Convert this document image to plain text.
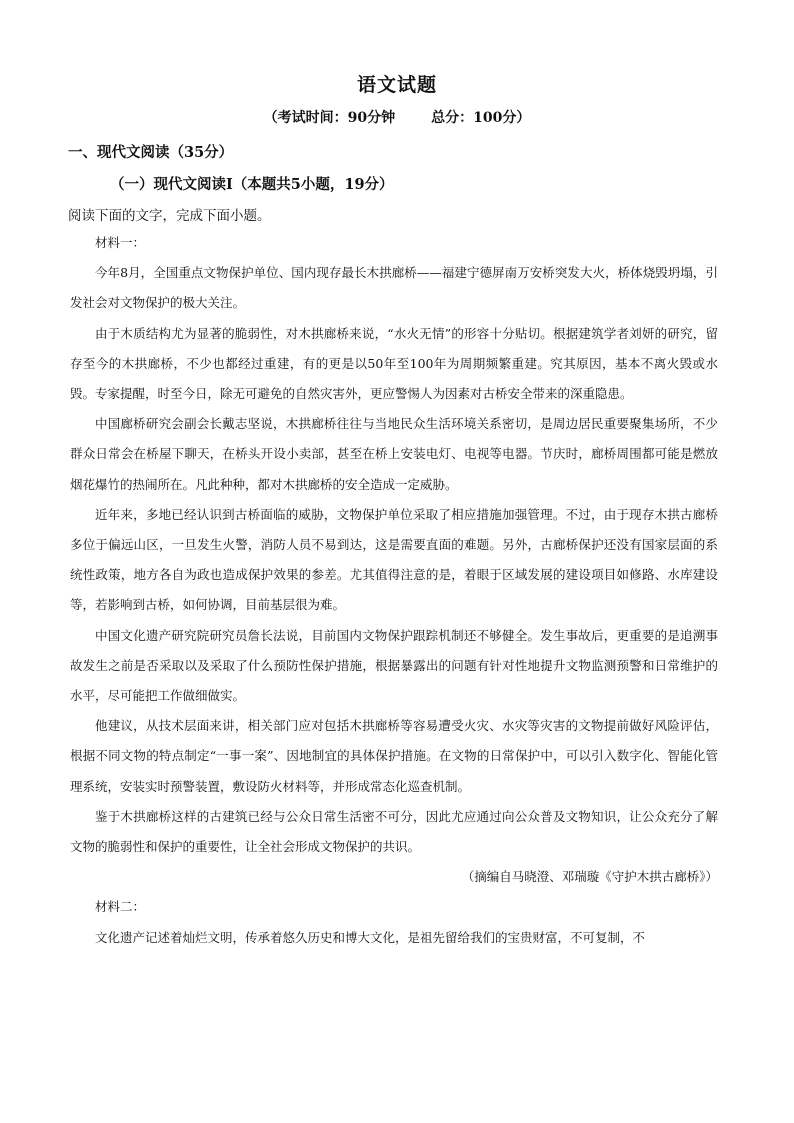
语文试题
（考试时间：90分钟	总分：100分）
一、现代文阅读（35分）
（一）现代文阅读Ⅰ（本题共5小题，19分）
阅读下面的文字，完成下面小题。

材料一：

今年8月，全国重点文物保护单位、国内现存最长木拱廊桥——福建宁德屏南万安桥突发大火，桥体烧毁坍塌，引发社会对文物保护的极大关注。

由于木质结构尤为显著的脆弱性，对木拱廊桥来说，“水火无情”的形容十分贴切。根据建筑学者刘妍的研究，留存至今的木拱廊桥，不少也都经过重建，有的更是以50年至100年为周期频繁重建。究其原因，基本不离火毁或水毁。专家提醒，时至今日，除无可避免的自然灾害外，更应警惕人为因素对古桥安全带来的深重隐患。

中国廊桥研究会副会长戴志坚说，木拱廊桥往往与当地民众生活环境关系密切，是周边居民重要聚集场所，不少群众日常会在桥屋下聊天，在桥头开设小卖部，甚至在桥上安装电灯、电视等电器。节庆时，廊桥周围都可能是燃放烟花爆竹的热闹所在。凡此种种，都对木拱廊桥的安全造成一定威胁。

近年来，多地已经认识到古桥面临的威胁，文物保护单位采取了相应措施加强管理。不过，由于现存木拱古廊桥多位于偏远山区，一旦发生火警，消防人员不易到达，这是需要直面的难题。另外，古廊桥保护还没有国家层面的系统性政策，地方各自为政也造成保护效果的参差。尤其值得注意的是，着眼于区域发展的建设项目如修路、水库建设等，若影响到古桥，如何协调，目前基层很为难。

中国文化遗产研究院研究员詹长法说，目前国内文物保护跟踪机制还不够健全。发生事故后，更重要的是追溯事故发生之前是否采取以及采取了什么预防性保护措施，根据暴露出的问题有针对性地提升文物监测预警和日常维护的水平，尽可能把工作做细做实。

他建议，从技术层面来讲，相关部门应对包括木拱廊桥等容易遭受火灾、水灾等灾害的文物提前做好风险评估，根据不同文物的特点制定“一事一案”、因地制宜的具体保护措施。在文物的日常保护中，可以引入数字化、智能化管理系统，安装实时预警装置，敷设防火材料等，并形成常态化巡查机制。

鉴于木拱廊桥这样的古建筑已经与公众日常生活密不可分，因此尤应通过向公众普及文物知识，让公众充分了解文物的脆弱性和保护的重要性，让全社会形成文物保护的共识。

（摘编自马晓澄、邓瑞璇《守护木拱古廊桥》）

材料二：

文化遗产记述着灿烂文明，传承着悠久历史和博大文化，是祖先留给我们的宝贵财富，不可复制，不
